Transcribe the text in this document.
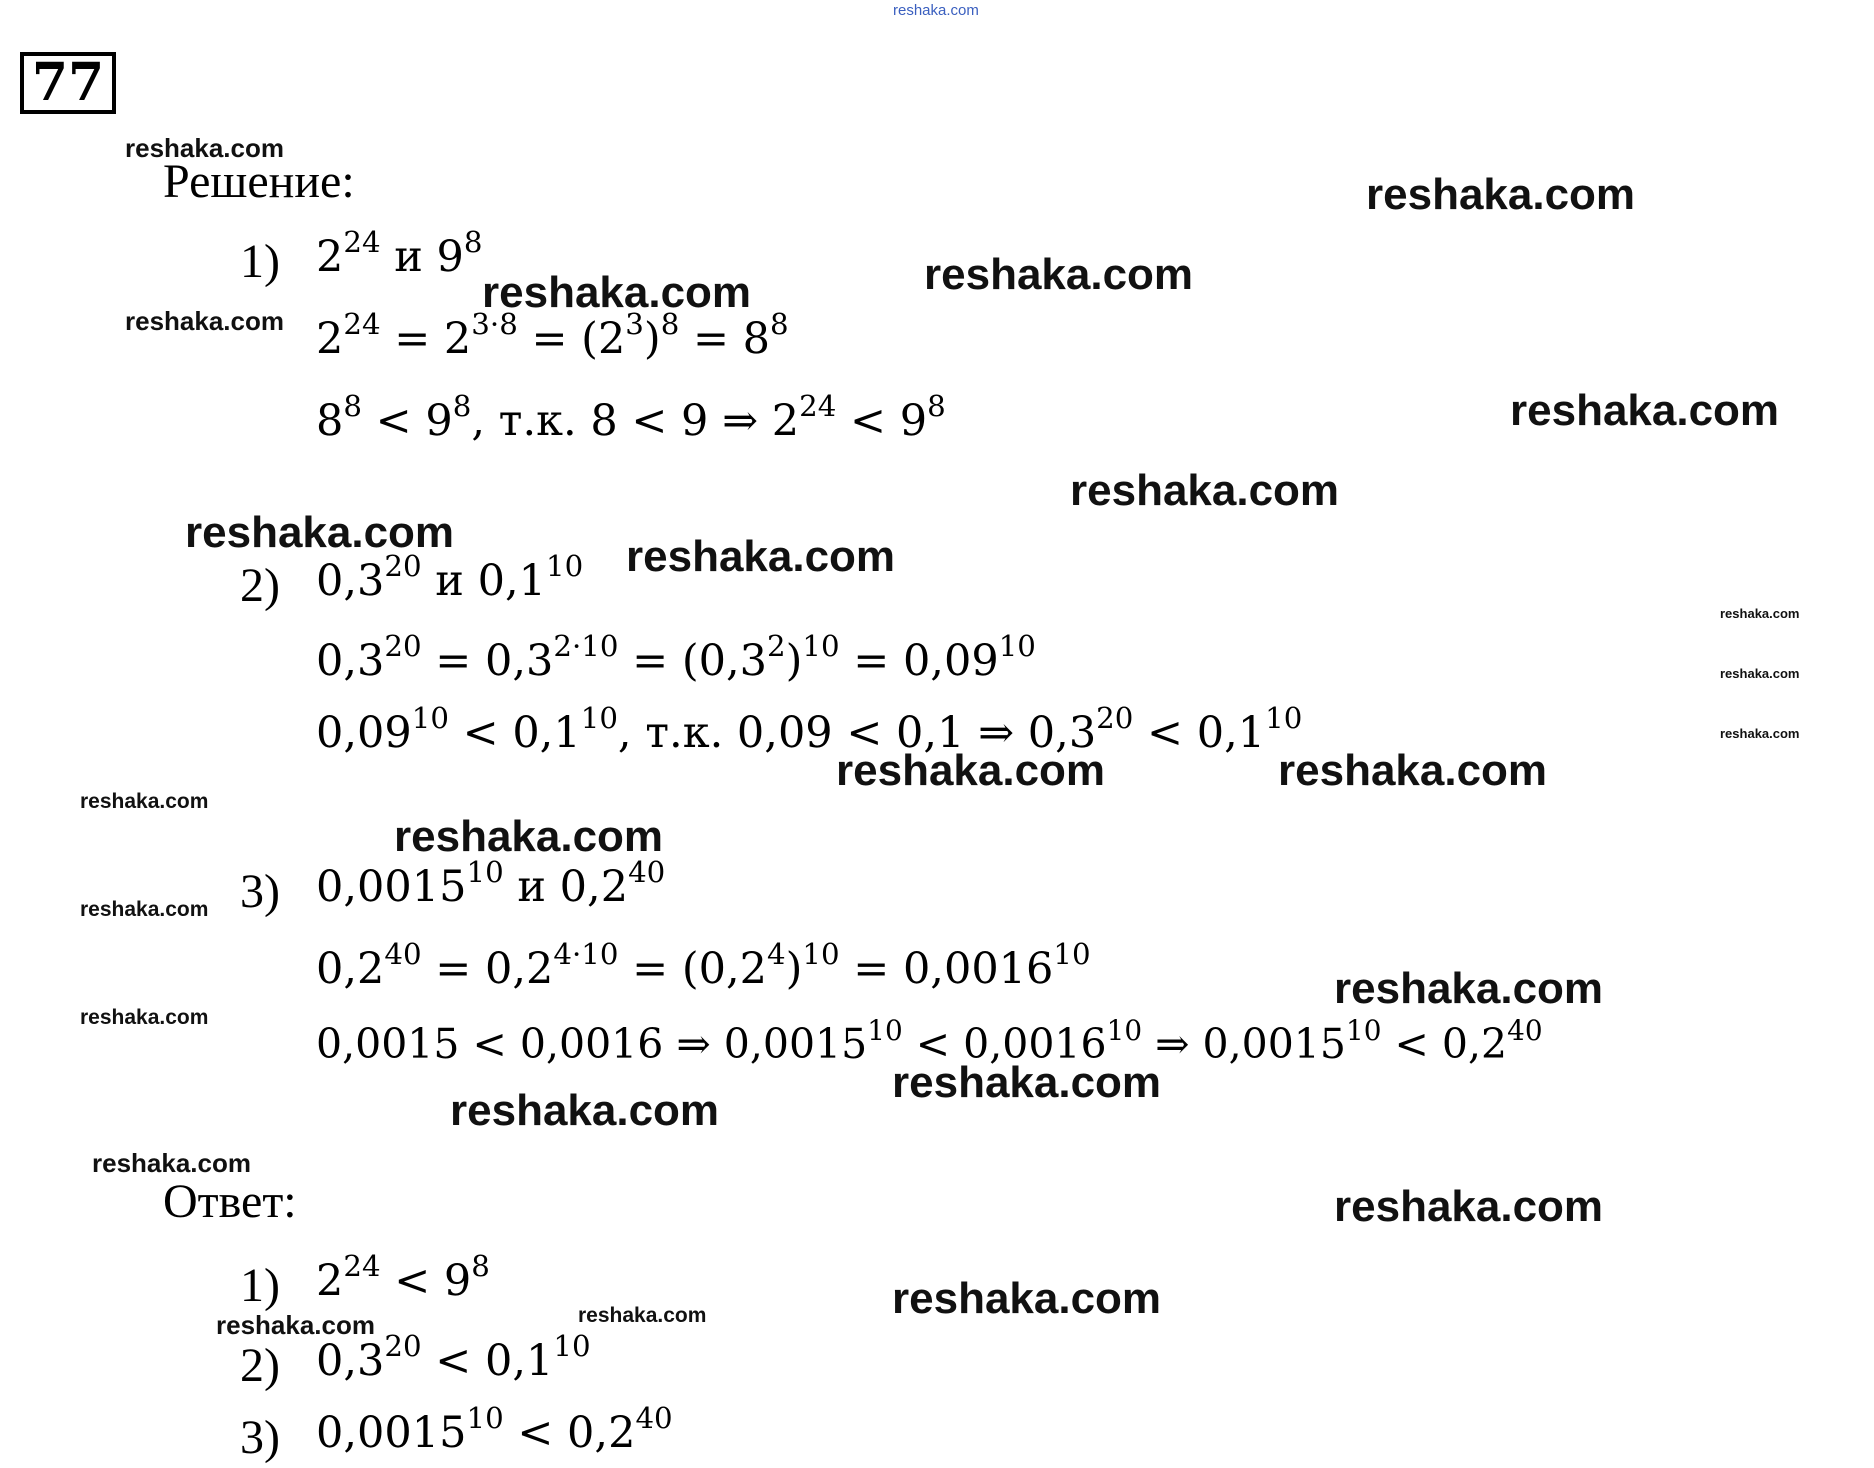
77
Решение:
1) $2^{24}$ и $9^8$
$2^{24} = 2^{3\cdot 8} = (2^3)^8 = 8^8$
$8^8 < 9^8$, т.к. 8 < 9 ⇒ $2^{24} < 9^8$
2) $0,3^{20}$ и $0,1^{10}$
$0,3^{20} = 0,3^{2\cdot 10} = (0,3^2)^{10} = 0,09^{10}$
$0,09^{10} < 0,1^{10}$, т.к. 0,09 < 0,1 ⇒ $0,3^{20} < 0,1^{10}$
3) 0,0015$^{10}$ и $0,2^{40}$
$0,2^{40} = 0,2^{4\cdot 10} = (0,2^4)^{10} = 0,0016^{10}$
0,0015 < 0,0016 ⇒ $0,0015^{10} < 0,0016^{10}$ ⇒ $0,0015^{10} < 0,2^{40}$
Ответ:
1) $2^{24} < 9^8$
2) $0,3^{20} < 0,1^{10}$
3) $0,0015^{10} < 0,2^{40}$
reshaka.com
reshaka.com
reshaka.com
reshaka.com
reshaka.com
reshaka.com
reshaka.com
reshaka.com
reshaka.com	reshaka.com
reshaka.com
reshaka.com
reshaka.com
reshaka.com	reshaka.com
reshaka.com
reshaka.com
reshaka.com
reshaka.com
reshaka.com
reshaka.com
reshaka.com
reshaka.com
reshaka.com
reshaka.com
reshaka.com	reshaka.com
